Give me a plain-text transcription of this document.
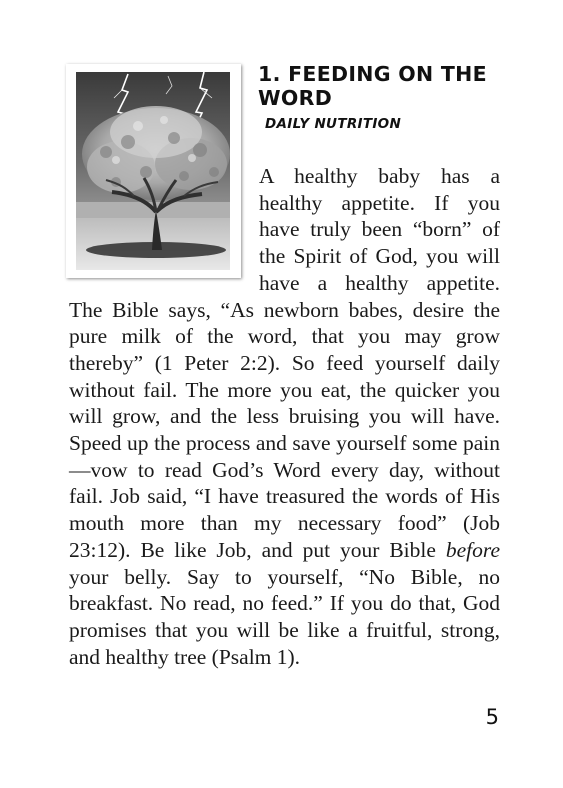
1. FEEDING ON THE WORD
DAILY NUTRITION

A healthy baby has a healthy appetite. If you have truly been “born” of the Spirit of God, you will have a healthy appetite. The Bible says, “As newborn babes, desire the pure milk of the word, that you may grow thereby” (1 Peter 2:2). So feed yourself daily without fail. The more you eat, the quicker you will grow, and the less bruising you will have. Speed up the process and save yourself some pain—vow to read God’s Word every day, without fail. Job said, “I have treasured the words of His mouth more than my necessary food” (Job 23:12). Be like Job, and put your Bible before your belly. Say to yourself, “No Bible, no breakfast. No read, no feed.” If you do that, God promises that you will be like a fruitful, strong, and healthy tree (Psalm 1).

5
